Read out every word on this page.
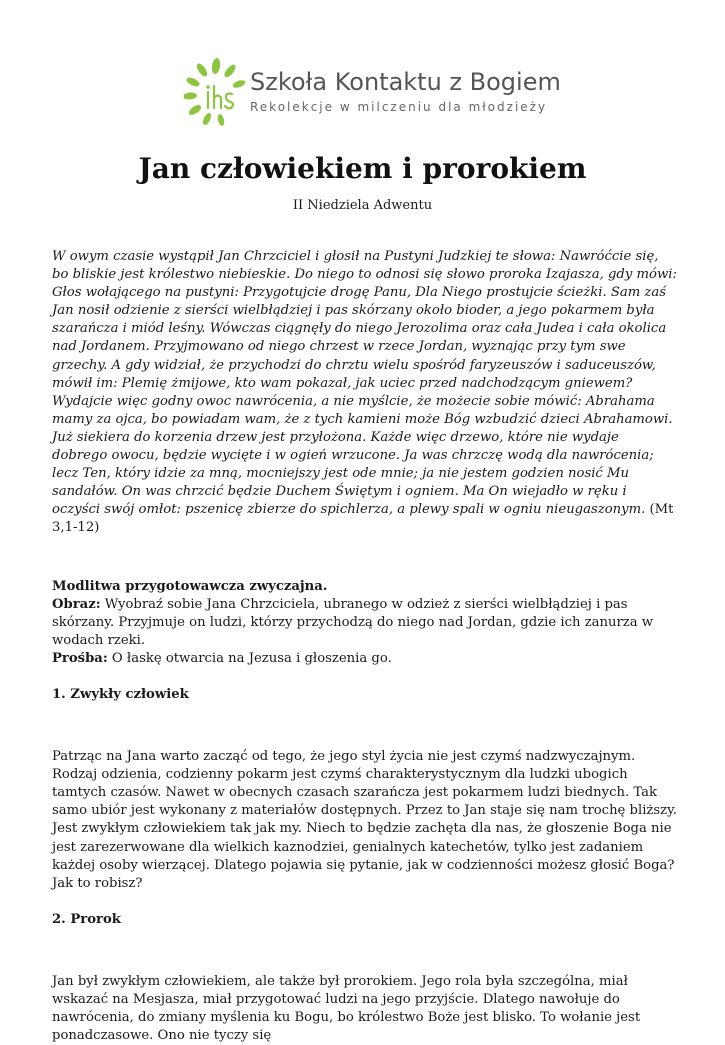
Szkoła Kontaktu z Bogiem
Rekolekcje w milczeniu dla młodzieży
Jan człowiekiem i prorokiem
II Niedziela Adwentu

W owym czasie wystąpił Jan Chrzciciel i głosił na Pustyni Judzkiej te słowa: Nawróćcie się, bo bliskie jest królestwo niebieskie. Do niego to odnosi się słowo proroka Izajasza, gdy mówi: Głos wołającego na pustyni: Przygotujcie drogę Panu, Dla Niego prostujcie ścieżki. Sam zaś Jan nosił odzienie z sierści wielbłądziej i pas skórzany około bioder, a jego pokarmem była szarańcza i miód leśny. Wówczas ciągnęły do niego Jerozolima oraz cała Judea i cała okolica nad Jordanem. Przyjmowano od niego chrzest w rzece Jordan, wyznając przy tym swe grzechy. A gdy widział, że przychodzi do chrztu wielu spośród faryzeuszów i saduceuszów, mówił im: Plemię żmijowe, kto wam pokazał, jak uciec przed nadchodzącym gniewem? Wydajcie więc godny owoc nawrócenia, a nie myślcie, że możecie sobie mówić: Abrahama mamy za ojca, bo powiadam wam, że z tych kamieni może Bóg wzbudzić dzieci Abrahamowi. Już siekiera do korzenia drzew jest przyłożona. Każde więc drzewo, które nie wydaje dobrego owocu, będzie wycięte i w ogień wrzucone. Ja was chrzczę wodą dla nawrócenia; lecz Ten, który idzie za mną, mocniejszy jest ode mnie; ja nie jestem godzien nosić Mu sandałów. On was chrzcić będzie Duchem Świętym i ogniem. Ma On wiejadło w ręku i oczyści swój omłot: pszenicę zbierze do spichlerza, a plewy spali w ogniu nieugaszonym. (Mt 3,1-12)

Modlitwa przygotowawcza zwyczajna.

Obraz: Wyobraź sobie Jana Chrzciciela, ubranego w odzież z sierści wielbłądziej i pas skórzany. Przyjmuje on ludzi, którzy przychodzą do niego nad Jordan, gdzie ich zanurza w wodach rzeki.

Prośba: O łaskę otwarcia na Jezusa i głoszenia go.

1. Zwykły człowiek

Patrząc na Jana warto zacząć od tego, że jego styl życia nie jest czymś nadzwyczajnym. Rodzaj odzienia, codzienny pokarm jest czymś charakterystycznym dla ludzki ubogich tamtych czasów. Nawet w obecnych czasach szarańcza jest pokarmem ludzi biednych. Tak samo ubiór jest wykonany z materiałów dostępnych. Przez to Jan staje się nam trochę bliższy. Jest zwykłym człowiekiem tak jak my. Niech to będzie zachęta dla nas, że głoszenie Boga nie jest zarezerwowane dla wielkich kaznodziei, genialnych katechetów, tylko jest zadaniem każdej osoby wierzącej. Dlatego pojawia się pytanie, jak w codzienności możesz głosić Boga? Jak to robisz?

2. Prorok

Jan był zwykłym człowiekiem, ale także był prorokiem. Jego rola była szczególna, miał wskazać na Mesjasza, miał przygotować ludzi na jego przyjście. Dlatego nawołuje do nawrócenia, do zmiany myślenia ku Bogu, bo królestwo Boże jest blisko. To wołanie jest ponadczasowe. Ono nie tyczy się
